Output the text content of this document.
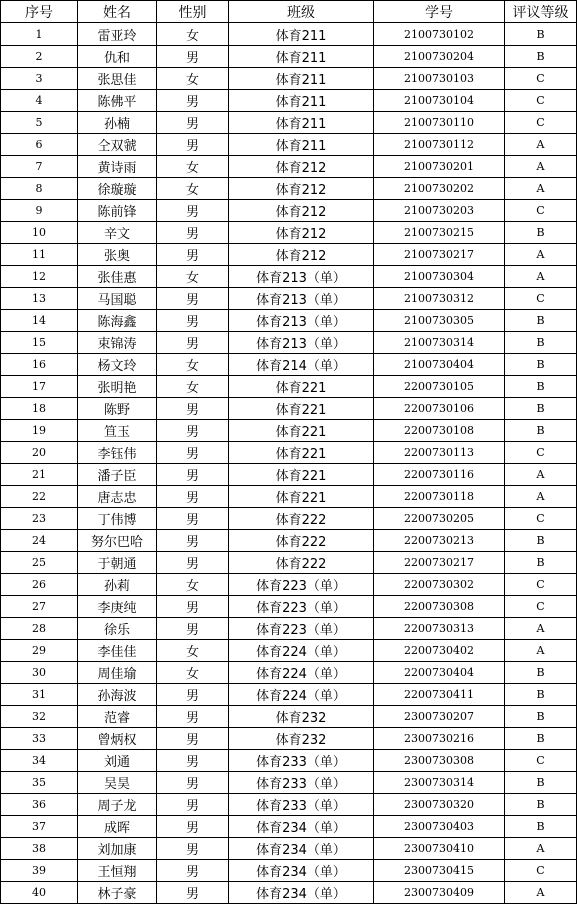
序号	姓名	性别	班级	学号	评议等级
1	雷亚玲	女	体育211	2100730102	B
2	仇和	男	体育211	2100730204	B
3	张思佳	女	体育211	2100730103	C
4	陈佛平	男	体育211	2100730104	C
5	孙楠	男	体育211	2100730110	C
6	仝双虢	男	体育211	2100730112	A
7	黄诗雨	女	体育212	2100730201	A
8	徐璇璇	女	体育212	2100730202	A
9	陈前锋	男	体育212	2100730203	C
10	辛文	男	体育212	2100730215	B
11	张奥	男	体育212	2100730217	A
12	张佳惠	女	体育213（单）	2100730304	A
13	马国聪	男	体育213（单）	2100730312	C
14	陈海鑫	男	体育213（单）	2100730305	B
15	束锦涛	男	体育213（单）	2100730314	B
16	杨文玲	女	体育214（单）	2100730404	B
17	张明艳	女	体育221	2200730105	B
18	陈野	男	体育221	2200730106	B
19	笪玉	男	体育221	2200730108	B
20	李钰伟	男	体育221	2200730113	C
21	潘子臣	男	体育221	2200730116	A
22	唐志忠	男	体育221	2200730118	A
23	丁伟博	男	体育222	2200730205	C
24	努尔巴哈	男	体育222	2200730213	B
25	于朝通	男	体育222	2200730217	B
26	孙莉	女	体育223（单）	2200730302	C
27	李庚纯	男	体育223（单）	2200730308	C
28	徐乐	男	体育223（单）	2200730313	A
29	李佳佳	女	体育224（单）	2200730402	A
30	周佳瑜	女	体育224（单）	2200730404	B
31	孙海波	男	体育224（单）	2200730411	B
32	范睿	男	体育232	2300730207	B
33	曾炳权	男	体育232	2300730216	B
34	刘通	男	体育233（单）	2300730308	C
35	吴昊	男	体育233（单）	2300730314	B
36	周子龙	男	体育233（单）	2300730320	B
37	成晖	男	体育234（单）	2300730403	B
38	刘加康	男	体育234（单）	2300730410	A
39	王恒翔	男	体育234（单）	2300730415	C
40	林子豪	男	体育234（单）	2300730409	A
